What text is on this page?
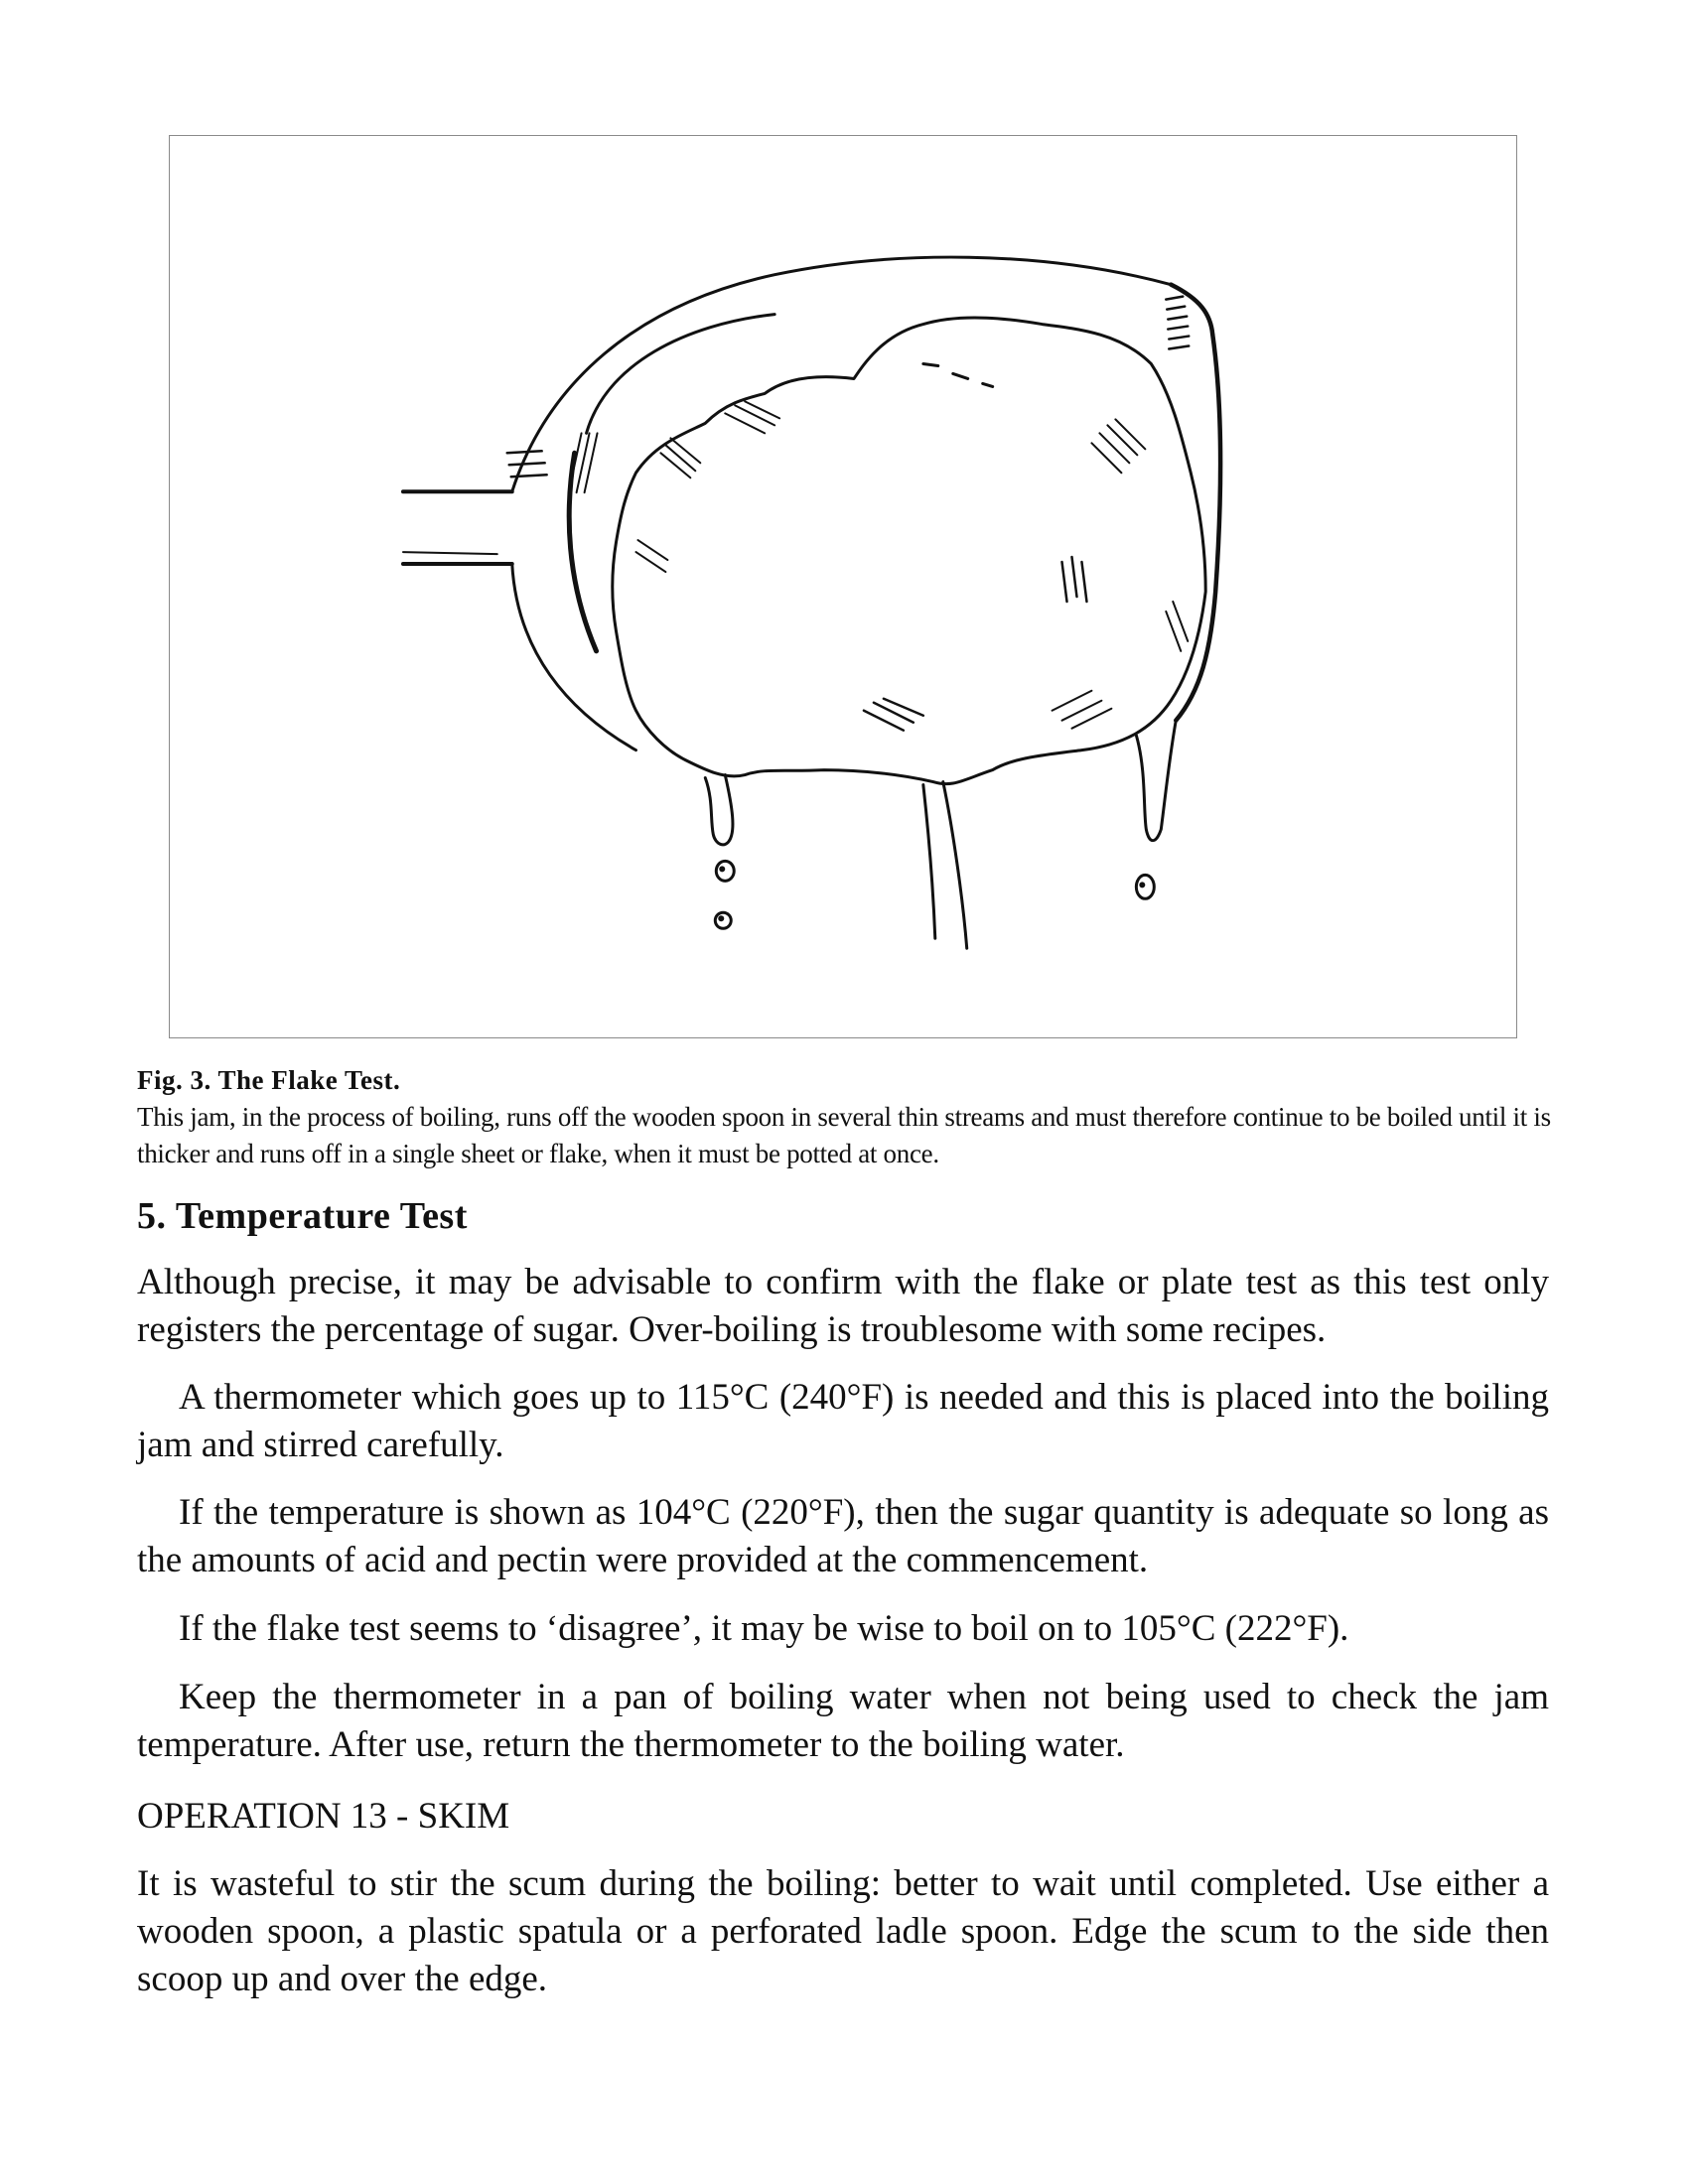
Fig. 3. The Flake Test.
This jam, in the process of boiling, runs off the wooden spoon in several thin streams and must therefore continue to be boiled until it is thicker and runs off in a single sheet or flake, when it must be potted at once.
5. Temperature Test

Although precise, it may be advisable to confirm with the flake or plate test as this test only registers the percentage of sugar. Over-boiling is troublesome with some recipes.

A thermometer which goes up to 115°C (240°F) is needed and this is placed into the boiling jam and stirred carefully.

If the temperature is shown as 104°C (220°F), then the sugar quantity is adequate so long as the amounts of acid and pectin were provided at the commencement.

If the flake test seems to ‘disagree’, it may be wise to boil on to 105°C (222°F).

Keep the thermometer in a pan of boiling water when not being used to check the jam temperature. After use, return the thermometer to the boiling water.

OPERATION 13 - SKIM

It is wasteful to stir the scum during the boiling: better to wait until completed. Use either a wooden spoon, a plastic spatula or a perforated ladle spoon. Edge the scum to the side then scoop up and over the edge.
